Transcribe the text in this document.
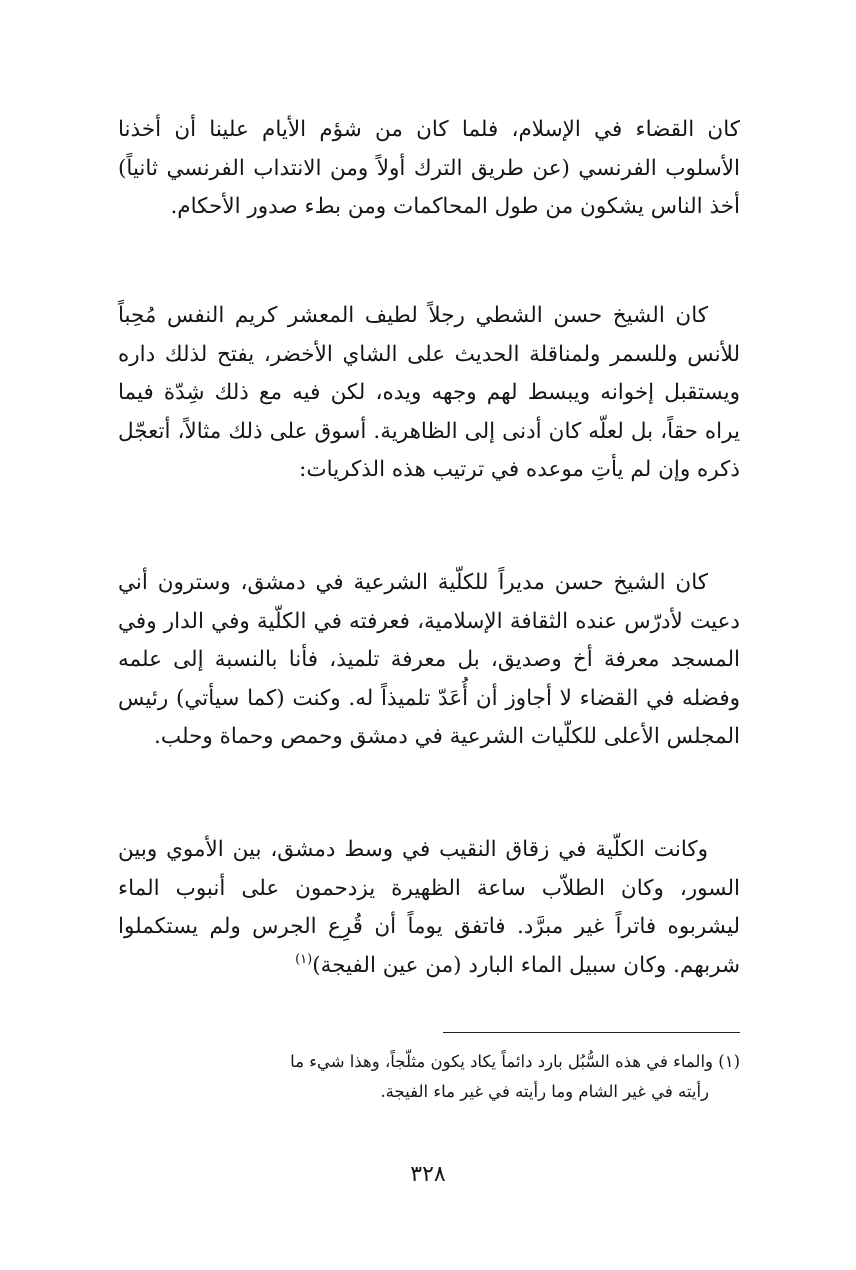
كان القضاء في الإسلام، فلما كان من شؤم الأيام علينا أن أخذنا الأسلوب الفرنسي (عن طريق الترك أولاً ومن الانتداب الفرنسي ثانياً) أخذ الناس يشكون من طول المحاكمات ومن بطء صدور الأحكام.

كان الشيخ حسن الشطي رجلاً لطيف المعشر كريم النفس مُحِباً للأنس وللسمر ولمناقلة الحديث على الشاي الأخضر، يفتح لذلك داره ويستقبل إخوانه ويبسط لهم وجهه ويده، لكن فيه مع ذلك شِدّة فيما يراه حقاً، بل لعلّه كان أدنى إلى الظاهرية. أسوق على ذلك مثالاً، أتعجّل ذكره وإن لم يأتِ موعده في ترتيب هذه الذكريات:

كان الشيخ حسن مديراً للكلّية الشرعية في دمشق، وسترون أني دعيت لأدرّس عنده الثقافة الإسلامية، فعرفته في الكلّية وفي الدار وفي المسجد معرفة أخ وصديق، بل معرفة تلميذ، فأنا بالنسبة إلى علمه وفضله في القضاء لا أجاوز أن أُعَدّ تلميذاً له. وكنت (كما سيأتي) رئيس المجلس الأعلى للكلّيات الشرعية في دمشق وحمص وحماة وحلب.

وكانت الكلّية في زقاق النقيب في وسط دمشق، بين الأموي وبين السور، وكان الطلاّب ساعة الظهيرة يزدحمون على أنبوب الماء ليشربوه فاتراً غير مبرَّد. فاتفق يوماً أن قُرِع الجرس ولم يستكملوا شربهم. وكان سبيل الماء البارد (من عين الفيجة)$^{(١)}$

(١) والماء في هذه السُّبُل بارد دائماً يكاد يكون مثلّجاً، وهذا شيء ما
رأيته في غير الشام وما رأيته في غير ماء الفيجة.

٣٢٨
